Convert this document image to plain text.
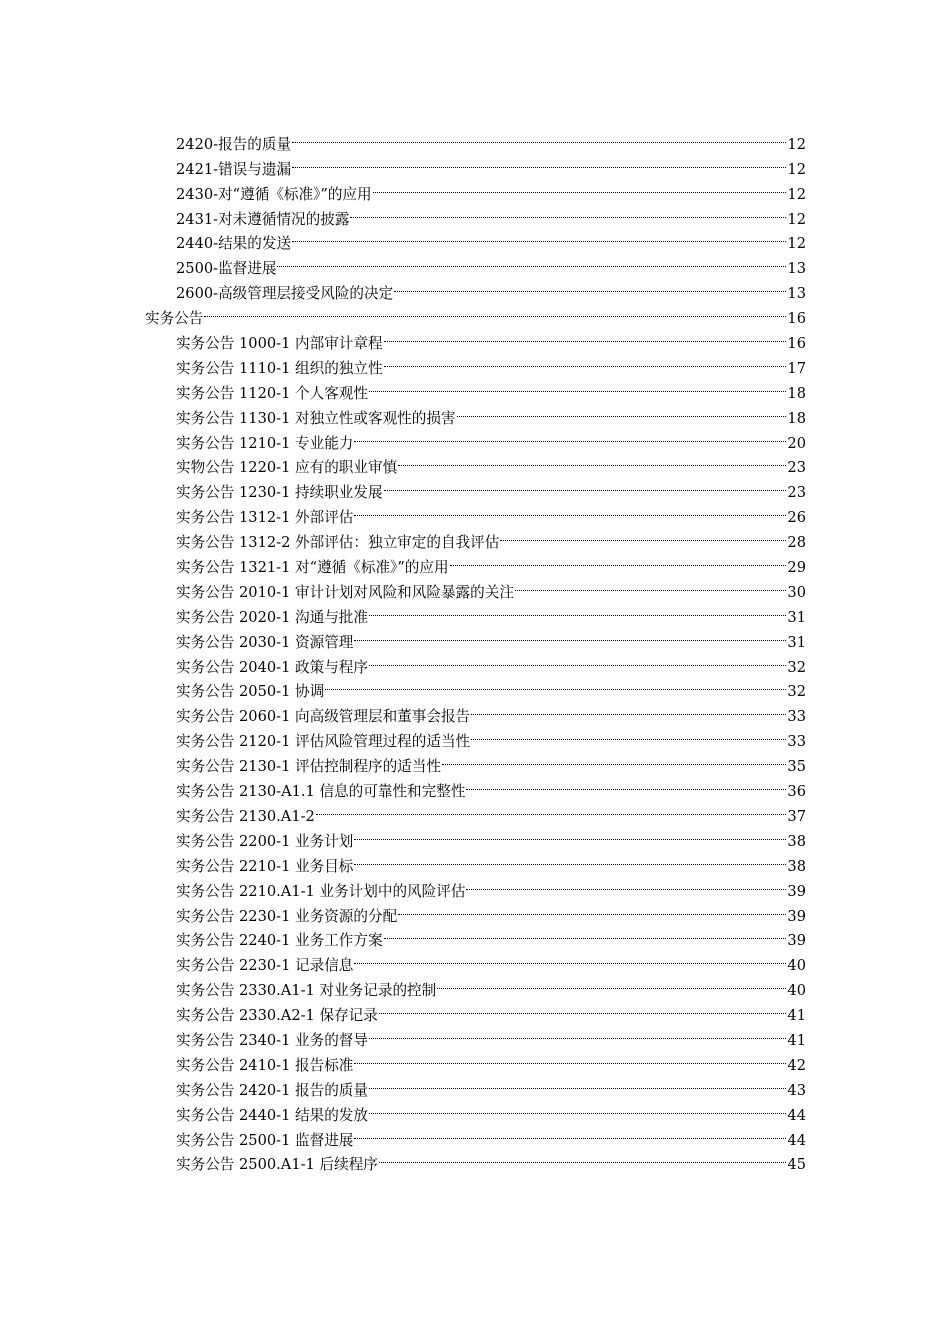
2420-报告的质量	12
2421-错误与遗漏	12
2430-对“遵循《标准》”的应用	12
2431-对未遵循情况的披露	12
2440-结果的发送	12
2500-监督进展	13
2600-高级管理层接受风险的决定	13
实务公告	16
实务公告 1000-1 内部审计章程	16
实务公告 1110-1 组织的独立性	17
实务公告 1120-1 个人客观性	18
实务公告 1130-1 对独立性或客观性的损害	18
实务公告 1210-1 专业能力	20
实物公告 1220-1 应有的职业审慎	23
实务公告 1230-1 持续职业发展	23
实务公告 1312-1 外部评估	26
实务公告 1312-2 外部评估：独立审定的自我评估	28
实务公告 1321-1 对“遵循《标准》”的应用	29
实务公告 2010-1 审计计划对风险和风险暴露的关注	30
实务公告 2020-1 沟通与批准	31
实务公告 2030-1 资源管理	31
实务公告 2040-1 政策与程序	32
实务公告 2050-1 协调	32
实务公告 2060-1 向高级管理层和董事会报告	33
实务公告 2120-1 评估风险管理过程的适当性	33
实务公告 2130-1 评估控制程序的适当性	35
实务公告 2130-A1.1 信息的可靠性和完整性	36
实务公告 2130.A1-2	37
实务公告 2200-1 业务计划	38
实务公告 2210-1 业务目标	38
实务公告 2210.A1-1 业务计划中的风险评估	39
实务公告 2230-1 业务资源的分配	39
实务公告 2240-1 业务工作方案	39
实务公告 2230-1 记录信息	40
实务公告 2330.A1-1 对业务记录的控制	40
实务公告 2330.A2-1 保存记录	41
实务公告 2340-1 业务的督导	41
实务公告 2410-1 报告标准	42
实务公告 2420-1 报告的质量	43
实务公告 2440-1 结果的发放	44
实务公告 2500-1 监督进展	44
实务公告 2500.A1-1 后续程序	45
